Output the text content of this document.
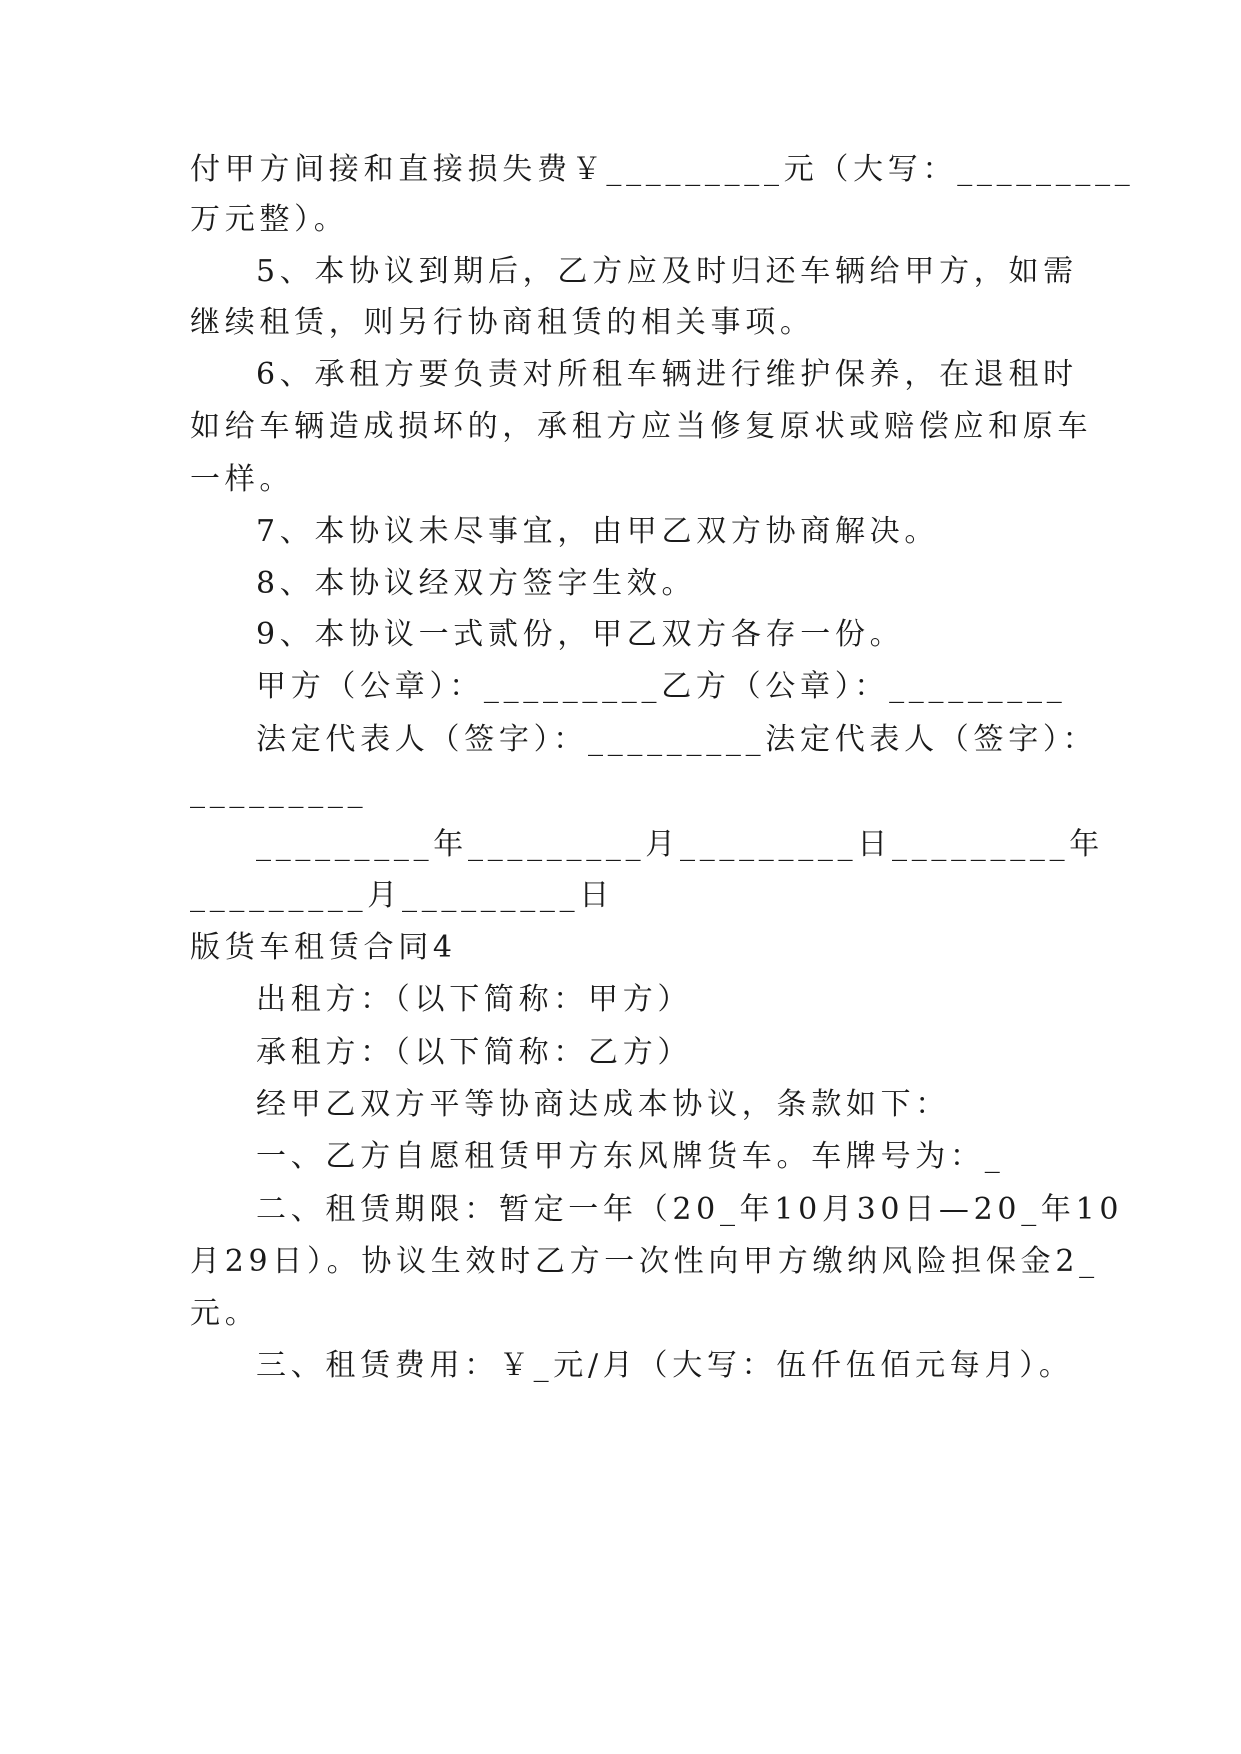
付甲方间接和直接损失费￥_________元（大写：_________
万元整）。
5、本协议到期后，乙方应及时归还车辆给甲方，如需
继续租赁，则另行协商租赁的相关事项。
6、承租方要负责对所租车辆进行维护保养，在退租时
如给车辆造成损坏的，承租方应当修复原状或赔偿应和原车
一样。
7、本协议未尽事宜，由甲乙双方协商解决。
8、本协议经双方签字生效。
9、本协议一式贰份，甲乙双方各存一份。
甲方（公章）：_________乙方（公章）：_________
法定代表人（签字）：_________法定代表人（签字）：
_________
_________年_________月_________日_________年
_________月_________日
版货车租赁合同4
出租方：（以下简称：甲方）
承租方：（以下简称：乙方）
经甲乙双方平等协商达成本协议，条款如下：
一、乙方自愿租赁甲方东风牌货车。车牌号为：_
二、租赁期限：暂定一年（20_年10月30日—20_年10
月29日）。协议生效时乙方一次性向甲方缴纳风险担保金2_
元。
三、租赁费用：￥_元/月（大写：伍仟伍佰元每月）。
